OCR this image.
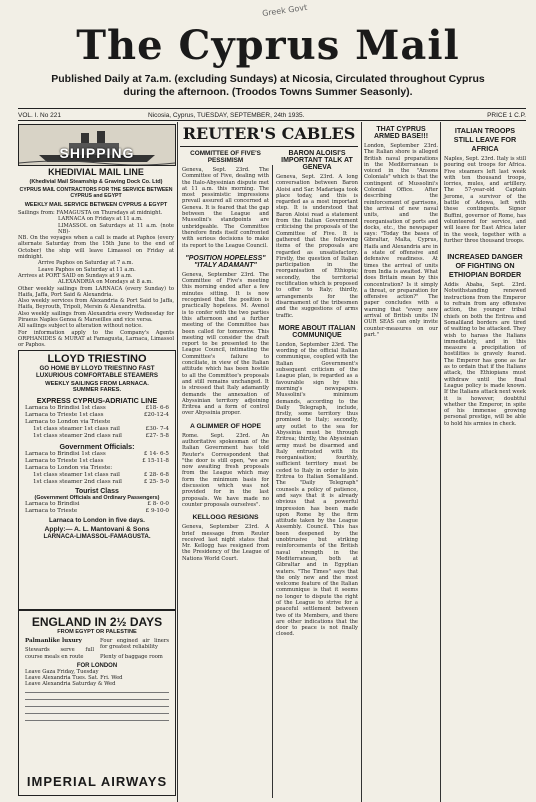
Greek Govt
The Cyprus Mail
Published Daily at 7a.m. (excluding Sundays) at Nicosia, Circulated throughout Cyprus
during the afternoon. (Troodos Towns Summer Seasonly).
VOL. I. No 221	Nicosia, Cyprus, TUESDAY, SEPTEMBER, 24th 1935.	PRICE 1 C.P.
SHIPPING
KHEDIVIAL MAIL LINE
(Khedivial Mail Steamship & Graving Dock Co. Ltd)
CYPRUS MAIL CONTRACTORS FOR THE SERVICE BETWEEN CYPRUS and EGYPT
WEEKLY MAIL SERVICE BETWEEN CYPRUS & EGYPT

Sailings from: FAMAGUSTA on Thursdays at midnight.

LARNACA on Fridays at 11 a.m.

LIMASSOL on Saturdays at 11 a.m. (note NB)-

NB. On the voyages when a call is made at Paphos (every alternate Saturday from the 15th June to the end of October) the ship will leave Limassol on Friday at midnight.

Arrive Paphos on Saturday at 7 a.m.

Leave Paphos on Saturday at 11 a.m.

Arrives at PORT SAID on Sundays at 9 a.m.

ALEXANDRIA on Mondays at 8 a.m.

Other weekly sailings from LARNACA (every Sunday) to Haifa, Jaffa, Port Said & Alexandria.

Also weekly services from Alexandria & Port Said to Jaffa, Haifa, Beyrouth, Tripoli, Mersin & Alexandretta.

Also weekly sailings from Alexandria every Wednesday for Piraeus Naples Genoa & Marseilles and vice versa.

All sailings subject to alteration without notice.

For information apply to the Company's Agents ORPHANIDES & MURAT at Famagusta, Larnaca, Limassol or Paphos.

LLOYD TRIESTINO
GO HOME BY LLOYD TRIESTINO FAST
LUXURIOUS COMFORTABLE STEAMERS
WEEKLY SAILINGS FROM LARNACA.
SUMMER FARES.
EXPRESS CYPRUS-ADRIATIC LINE
Larnaca to Brindisi 1st class	£18- 6-6
Larnaca to Trieste 1st class	£20-12-4
Larnaca to London via Trieste
1st class steamer 1st class rail	£30- 7-4
1st class steamer 2nd class rail	£27- 5-8
Government Officials:
Larnaca to Brindisi 1st class	£ 14- 6-5
Larnaca to Trieste 1st class	£ 15-11-8
Larnaca to London via Trieste:
1st class steamer 1st class rail	£ 28- 6-8
1st class steamer 2nd class rail	£ 25- 5-0
Tourist Class
(Government Officials and Ordinary Passengers)
Larnaca to Brindisi	£ 8- 0-0
Larnaca to Trieste	£ 9-10-0
Larnaca to London in five days.
Apply:— A. L. Mantovani & Sons
LARNACA-LIMASSOL-FAMAGUSTA.
ENGLAND IN 2½ DAYS
FROM EGYPT OR PALESTINE
Palmanlike luxury
Stewards serve full course meals en route
Four engined air liners for greatest reliability
Plenty of baggage room
FOR LONDON
Leave Gaza Friday, Tuesday
Leave Alexandria Tues. Sat. Fri. Wed
Leave Alexandria Saturday & Wed
IMPERIAL AIRWAYS
REUTER'S CABLES
COMMITTEE OF FIVE'S PESSIMISM

Geneva, Sept. 23rd. The Committee of Five, dealing with the Italo-Abyssinian dispute met at 11 a.m. this morning. The most pessimistic impressions prevail assured all concerned at Geneva. It is feared that the gap between the League and Mussolini's standpoints are unbridgeable. The Committee therefore finds itself confronted with serious decisions to make its report to the League Council.

"POSITION HOPELESS" "ITALY ADAMANT"

Geneva, September 23rd. The Committee of Five's meeting this morning ended after a few minutes sitting. It is now recognised that the position is practically hopeless. M. Avenol is to confer with the two parties this afternoon and a further meeting of the Committee has been called for tomorrow. This meeting will consider the draft report to be presented to the League Council, intimating the Committee's failure to conciliate, in view of the Italian attitude which has been hostile to all the Committee's proposals and still remains unchanged. It is stressed that Italy adamantly demands the annexation of Abyssinian territory adjoining Eritrea and a form of control over Abyssinia proper.

A GLIMMER OF HOPE

Rome. Sept. 23rd. An authoritative spokesman of the Italian Government has told Reuter's Correspondent that "the door is still open, "we are now awaiting fresh proposals from the League which may form the minimum basis for discussion which was not provided for in the last proposals. We have made no counter proposals ourselves".

KELLOGG RESIGNS

Geneva, September 23rd. A brief message from Reuter received last night states that Mr. Kellogg has resigned from the Presidency of the League of Nations World Court.

BARON ALOISI'S IMPORTANT TALK AT GENEVA

Geneva, Sept. 23rd. A long conversation between Baron Aloisi and Sar. Madariaga took place today, and this is regarded as a most important step. It is understood that Baron Aloisi read a statement from the Italian Government criticising the proposals of the Committee of Five. It is gathered that the following items of the proposals are regarded as unsatisfactory. Firstly, the question of Italian participation in the reorganisation of Ethiopia; secondly, the territorial rectification which is proposed to offer to Italy; thirdly, arrangements for the disarmament of the tribesmen and the suggestions of arms traffic.

MORE ABOUT ITALIAN COMMUNIQUE

London, September 23rd. The wording of the official Italian communique, coupled with the Italian Government's subsequent criticism of the League plan, is regarded as a favourable sign by this morning's newspapers. Mussolini's minimum demands, according to the Daily Telegraph, include, firstly, some territory thus promised to Italy; secondly, any outlet to the sea for Abyssinia must be through Eritrea; thirdly, the Abyssinian army must be disarmed and Italy entrusted with its reorganisation; fourthly, sufficient territory must be ceded to Italy in order to join Eritrea to Italian Somaliland. The "Daily Telegraph" counsels a policy of patience, and says that it is already obvious that a powerful impression has been made upon Rome by the firm attitude taken by the League Assembly. Council. This has been deepened by the unobtrusive but striking reinforcements of the British naval strength in the Mediterranean, both at Gibraltar and in Egyptian waters. "The Times" says that the only new and the most welcome feature of the Italian communique is that it seems no longer to dispute the right of the League to strive for a peaceful settlement between two of its Members, and there are other indications that the door to peace is not finally closed.

THAT CYPRUS ARMED BASE!!!

London, September 23rd. The Italian shore is alleged British naval preparations in the Mediterranean is voiced in the "Ansons Colonials" which is that the contingent of Mussolini's Colonial Office. After describing the reinforcement of garrisons, the arrival of new naval units, and the reorganisation of ports and docks, etc., the newspaper says: "Today the bases of Gibraltar, Malta, Cyprus, Haifa and Alexandria are in a state of offensive and defensive readiness. At times the arrival of units from India is awaited. What does Britain mean by this concentration? Is it simply a threat, or preparation for offensive action?" The paper concludes with a warning that "every new arrival of British units IN OUR SEAS can only invite counter-measures on our part."

ITALIAN TROOPS STILL LEAVE FOR AFRICA

Naples, Sept. 23rd. Italy is still pouring out troops for Africa. Five steamers left last week with ten thousand troops, lorries, mules, and artillery. The 57-year-old Captain Jerome, a survivor of the battle of Adowa, left with these contingents. Signor Buffini, governor of Rome, has volunteered for service, and will leave for East Africa later in the week, together with a further three thousand troops.

INCREASED DANGER OF FIGHTING ON ETHIOPIAN BORDER

Addis Ababa, Sept. 23rd. Notwithstanding renewed instructions from the Emperor to refrain from any offensive action, the younger tribal chiefs on both the Eritrea and Somaliland borders are tired of waiting to be attacked. They wish to harass the Italians immediately, and in this measure a precipitation of hostilities is gravely feared. The Emperor has gone as far as to ordain that if the Italians attack, the Ethiopians must withdraw until the final League policy is made known. If the Italians attack next week it is however, doubtful whether the Emperor, in spite of his immense growing personal prestige, will be able to hold his armies in check.
